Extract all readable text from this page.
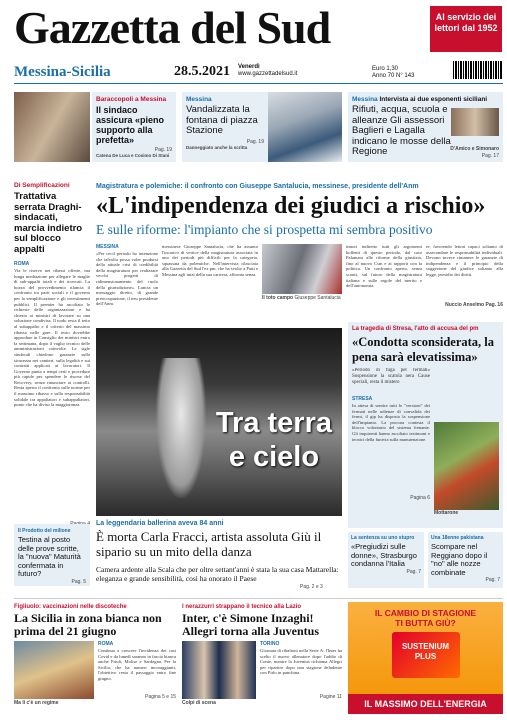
Gazzetta del Sud	Al servizio dei lettori dal 1952
Messina-Sicilia	28.5.2021 Venerdì
www.gazzettadelsud.it
Euro 1,30
Anno 70 N° 143
Baraccopoli a Messina
Il sindaco assicura «pieno supporto alla prefetta»
Pag. 19
Catena De Luca e Cosimo Di Stani
Messina
Vandalizzata la fontana di piazza Stazione
Pag. 19
Danneggiato anche la scritta
Messina Intervista ai due esponenti siciliani
Rifiuti, acqua, scuola e alleanze Gli assessori Baglieri e Lagalla indicano le mosse della Regione	D'Amico e Simonaro
Pag. 17
Di Semplificazioni
Trattativa serrata Draghi-sindacati, marcia indietro sul blocco appalti
ROMA
Via le riserve nei ribassi offerte, ma lunga mediazione per allegare le maglie di sub-appalti totali e dei ricercati. La bozza del provvedimento rilancia il confronto tra parti sociali e il governo per la semplificazione e gli investimenti pubblici. Il premier ha ascoltato le richieste delle organizzazioni e ha chiesto ai ministri di lavorare su una soluzione condivisa. Il nodo resta il tetto al subappalto e il criterio del massimo ribasso nelle gare. Il testo dovrebbe approdare in Consiglio dei ministri entro la settimana, dopo il vaglio tecnico delle amministrazioni coinvolte. Le sigle sindacali chiedono garanzie sulla sicurezza nei cantieri, sulla legalità e sui contratti applicati ai lavoratori. Il Governo punta a tempi certi e procedure più rapide per spendere le risorse del Recovery, senza rinunciare ai controlli. Resta aperto il confronto sulle norme per il massimo ribasso e sulla responsabilità solidale tra appaltatori e subappaltatori, punto che ha diviso la maggioranza.
Il Prodotto del milione
Testina al posto delle prove scritte, la "nuova" Maturità confermata in futuro?
Pag. 5
Magistratura e polemiche: il confronto con Giuseppe Santalucia, messinese, presidente dell'Anm
«L'indipendenza dei giudici a rischio»
E sulle riforme: l'impianto che si prospetta mi sembra positivo
MESSINA
«Per cecil periodo ho intenzione che talvolta possa voler prodursi della attuale crisi di credibilità della magistratura per realizzare vecchi progetti di ridimensionamento del ruolo della giurisdizione». Lancia un messaggio diretto, di grande preoccupazione, il neo presidente dell'Anm.
messinese Giuseppe Santalucia, che ha assunto l'incarico di vertice della magistratura associata in uno dei periodi più difficili per la categoria, squassata da polemiche. Nell'intervista rilasciata alla Gazzetta del Sud l'ex pm, che ha svolto a Patti e Messina agli inizi della sua carriera, affronta senza.
Il toto campo Giuseppe Santalucia
timori indiretto tutti gli argomenti bollenti di questo periodo, dal caso Palamara alle riforme della giustizia, fino al nuovo Csm e ai rapporti con la politica. Un confronto aperto, senza sconti, sul futuro della magistratura italiana e sulle regole del merito e dell'autonomia.
re, favorendo lettori capaci soltanto di assecondare le responsabilità individuali. Devono invece rimanere le garanzie di indipendenza e il principio della soggezione del giudice soltanto alla legge, presidio dei diritti.
Nuccio Anselmo Pag. 16
Tra terra
e cielo
La leggendaria ballerina aveva 84 anni
È morta Carla Fracci, artista assoluta Giù il sipario su un mito della danza
Camera ardente alla Scala che per oltre settant'anni è stata la sua casa Mattarella: eleganza e grande sensibilità, così ha onorato il Paese
Pag. 2 e 3
La tragedia di Stresa, l'atto di accusa del pm
«Condotta sconsiderata, la pena sarà elevatissima»
«Periodo di fuga per fermati» Sospensione la scatola nera Cause speciali, resta il mistero
STRESA
In attesa di sentire tutti le "versioni" dei fermati nelle udienze di convalida dei fermi, il gip ha disposto la sospensione dell'impianto. La procura contesta il blocco volontario del sistema frenante. Gli inquirenti hanno ascoltato testimoni e tecnici della funivia sulla manutenzione.
Pagina 6
Mottarone
La sentenza su uno stupro
«Pregiudizi sulle donne», Strasburgo condanna l'Italia
Pag. 7
Una 18enne pakistana
Scompare nel Reggiano dopo il "no" alle nozze combinate
Pag. 7
Figliuolo: vaccinazioni nelle discoteche
La Sicilia in zona bianca non prima del 21 giugno
ROMA
Continua a crescere l'incidenza dei casi Covid e da lunedì saranno in fascia bianca anche Friuli, Molise e Sardegna. Per la Sicilia, che ha numeri incoraggianti, l'obiettivo resta il passaggio entro fine giugno.
Pagina 5 e 15
Ma li c'è un regime
I nerazzurri strappano il tecnico alla Lazio
Inter, c'è Simone Inzaghi! Allegri torna alla Juventus
TORINO
Giornata di ribaltoni nella Serie A: l'Inter ha scelto il nuovo allenatore dopo l'addio di Conte, mentre la Juventus richiama Allegri per ripartire dopo una stagione deludente con Pirlo in panchina.
Pagine 11
Colpi di scena
IL CAMBIO DI STAGIONE
TI BUTTA GIÙ?
SUSTENIUM PLUS
IL MASSIMO DELL'ENERGIA
